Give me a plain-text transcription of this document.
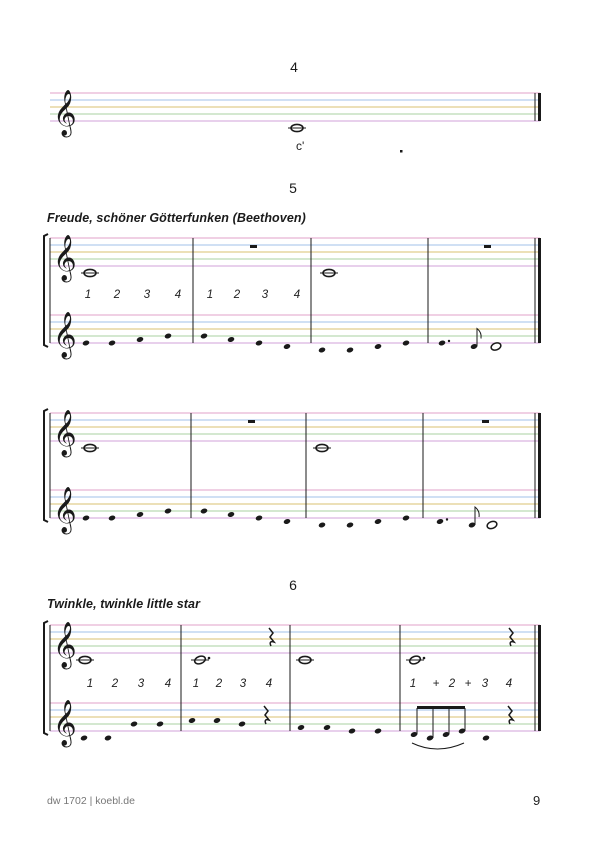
4
𝄞
c'
5
Freude, schöner Götterfunken (Beethoven)
𝄞
𝄞
1 2 3 4 1 2 3 4
𝄞
𝄞
6
Twinkle, twinkle little star
𝄞
𝄞
1 2 3 4 1 2 3 4	1 + 2 + 3 4
dw 1702 | koebl.de	9
